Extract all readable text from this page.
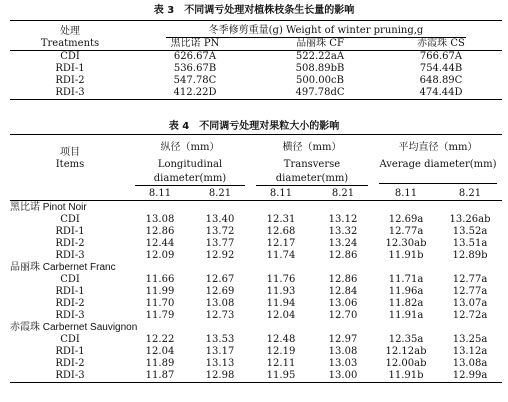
表 3　不同调亏处理对植株枝条生长量的影响
处理	冬季修剪重量(g) Weight of winter pruning,g		
Treatments	黑比诺 PN	品丽珠 CF	赤霞珠 CS
CDI	626.67A	522.22aA	766.67A
RDI-1	536.67B	508.89bB	754.44B
RDI-2	547.78C	500.00cB	648.89C
RDI-3	412.22D	497.78dC	474.44D
表 4　不同调亏处理对果粒大小的影响
项目	纵径（mm）		横径（mm）		平均直径（mm）	
Items	Longitudinal		Transverse		Average diameter(mm)	
	diameter(mm)		diameter(mm)			
	8.11	8.21	8.11	8.21	8.11	8.21
黑比诺 Pinot Noir						
CDI	13.08	13.40	12.31	13.12	12.69a	13.26ab
RDI-1	12.86	13.72	12.68	13.32	12.77a	13.52a
RDI-2	12.44	13.77	12.17	13.24	12.30ab	13.51a
RDI-3	12.09	12.92	11.74	12.86	11.91b	12.89b
品丽珠 Carbernet Franc						
CDI	11.66	12.67	11.76	12.86	11.71a	12.77a
RDI-1	11.99	12.69	11.93	12.84	11.96a	12.77a
RDI-2	11.70	13.08	11.94	13.06	11.82a	13.07a
RDI-3	11.79	12.73	12.04	12.70	11.91a	12.72a
赤霞珠 Carbernet Sauvignon						
CDI	12.22	13.53	12.48	12.97	12.35a	13.25a
RDI-1	12.04	13.17	12.19	13.08	12.12ab	13.12a
RDI-2	11.89	13.13	12.11	13.03	12.00ab	13.08a
RDI-3	11.87	12.98	11.95	13.00	11.91b	12.99a
